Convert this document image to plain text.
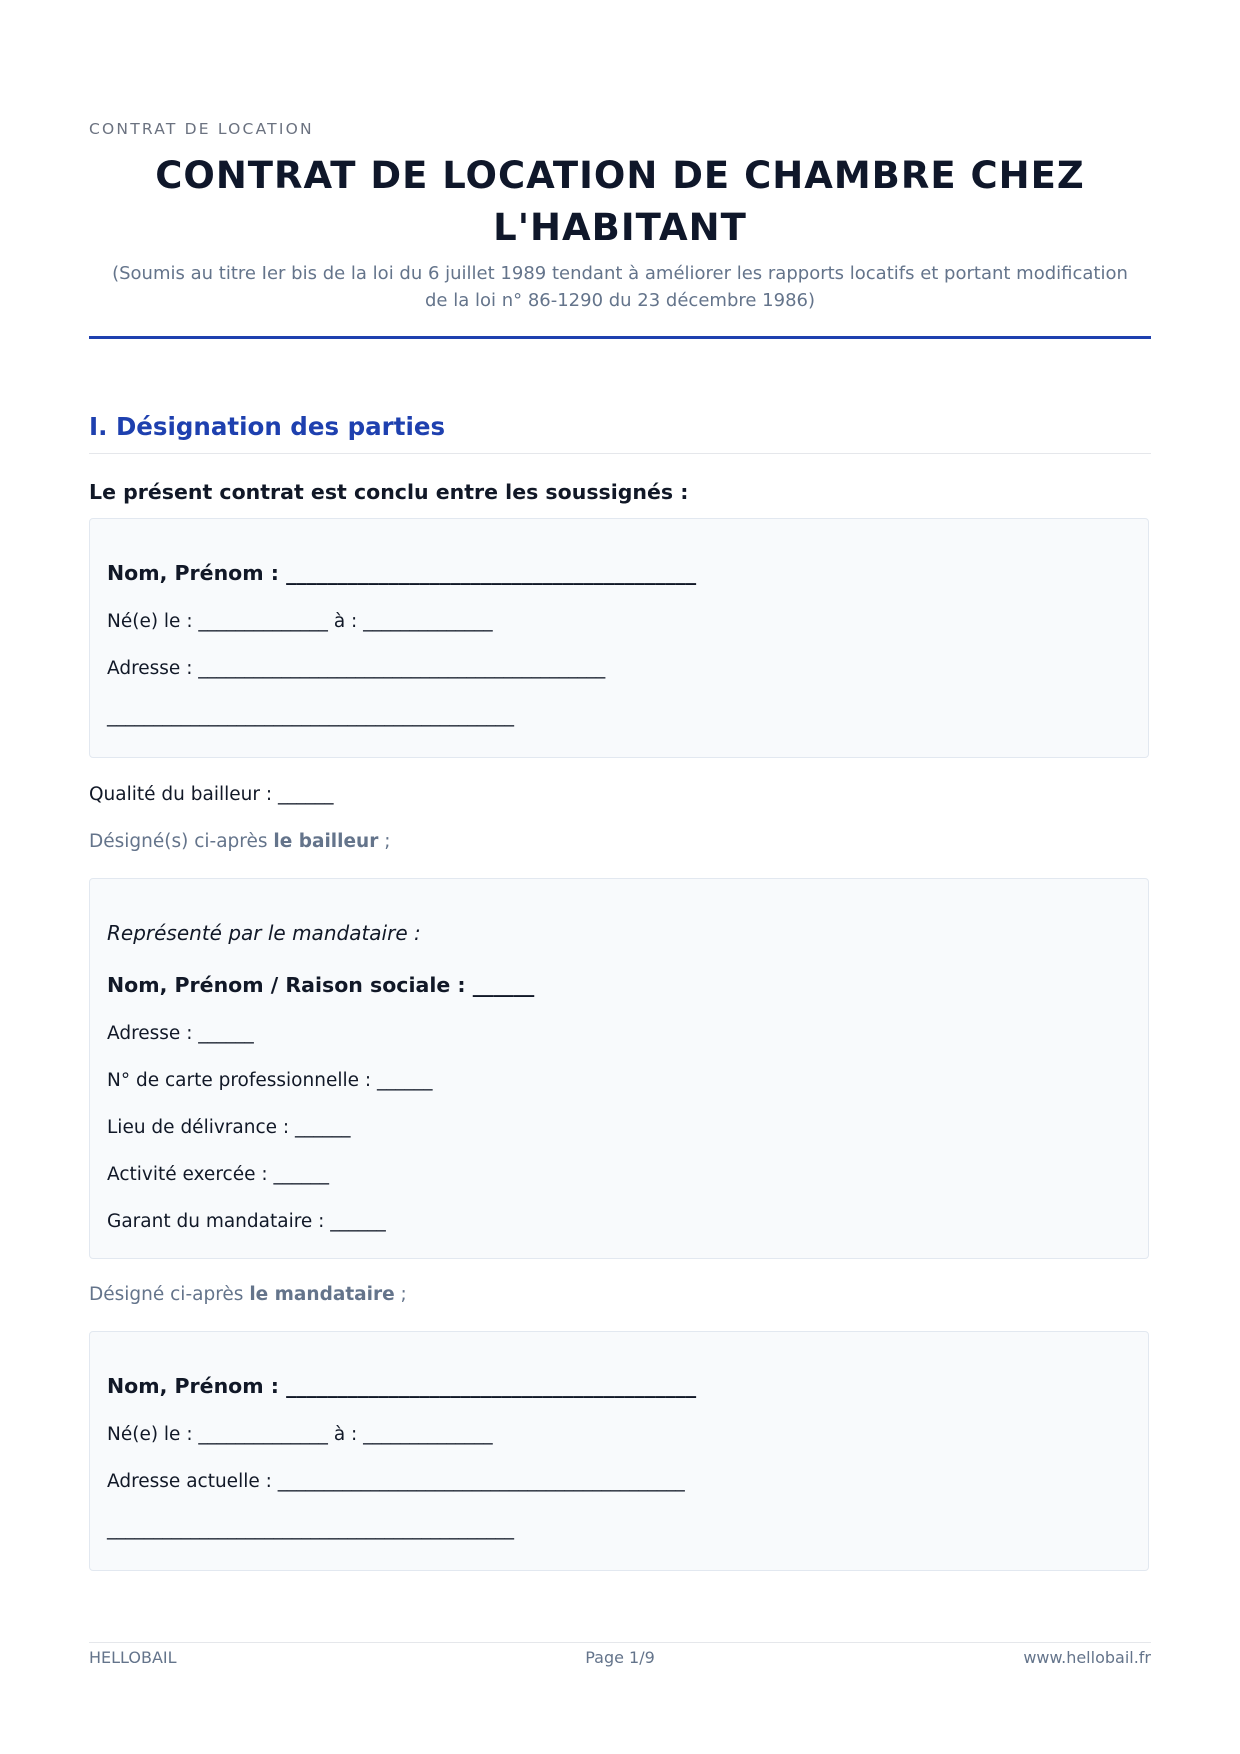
CONTRAT DE LOCATION
CONTRAT DE LOCATION DE CHAMBRE CHEZ
L'HABITANT
(Soumis au titre Ier bis de la loi du 6 juillet 1989 tendant à améliorer les rapports locatifs et portant modification
de la loi n° 86-1290 du 23 décembre 1986)
I. Désignation des parties
Le présent contrat est conclu entre les soussignés :
Nom, Prénom : ________________________________________
Né(e) le : ______________ à : ______________
Adresse : ____________________________________________
____________________________________________
Qualité du bailleur : ______
Désigné(s) ci-après le bailleur ;
Représenté par le mandataire :
Nom, Prénom / Raison sociale : ______
Adresse : ______
N° de carte professionnelle : ______
Lieu de délivrance : ______
Activité exercée : ______
Garant du mandataire : ______
Désigné ci-après le mandataire ;
Nom, Prénom : ________________________________________
Né(e) le : ______________ à : ______________
Adresse actuelle : ____________________________________________
____________________________________________
HELLOBAIL	Page 1/9	www.hellobail.fr
